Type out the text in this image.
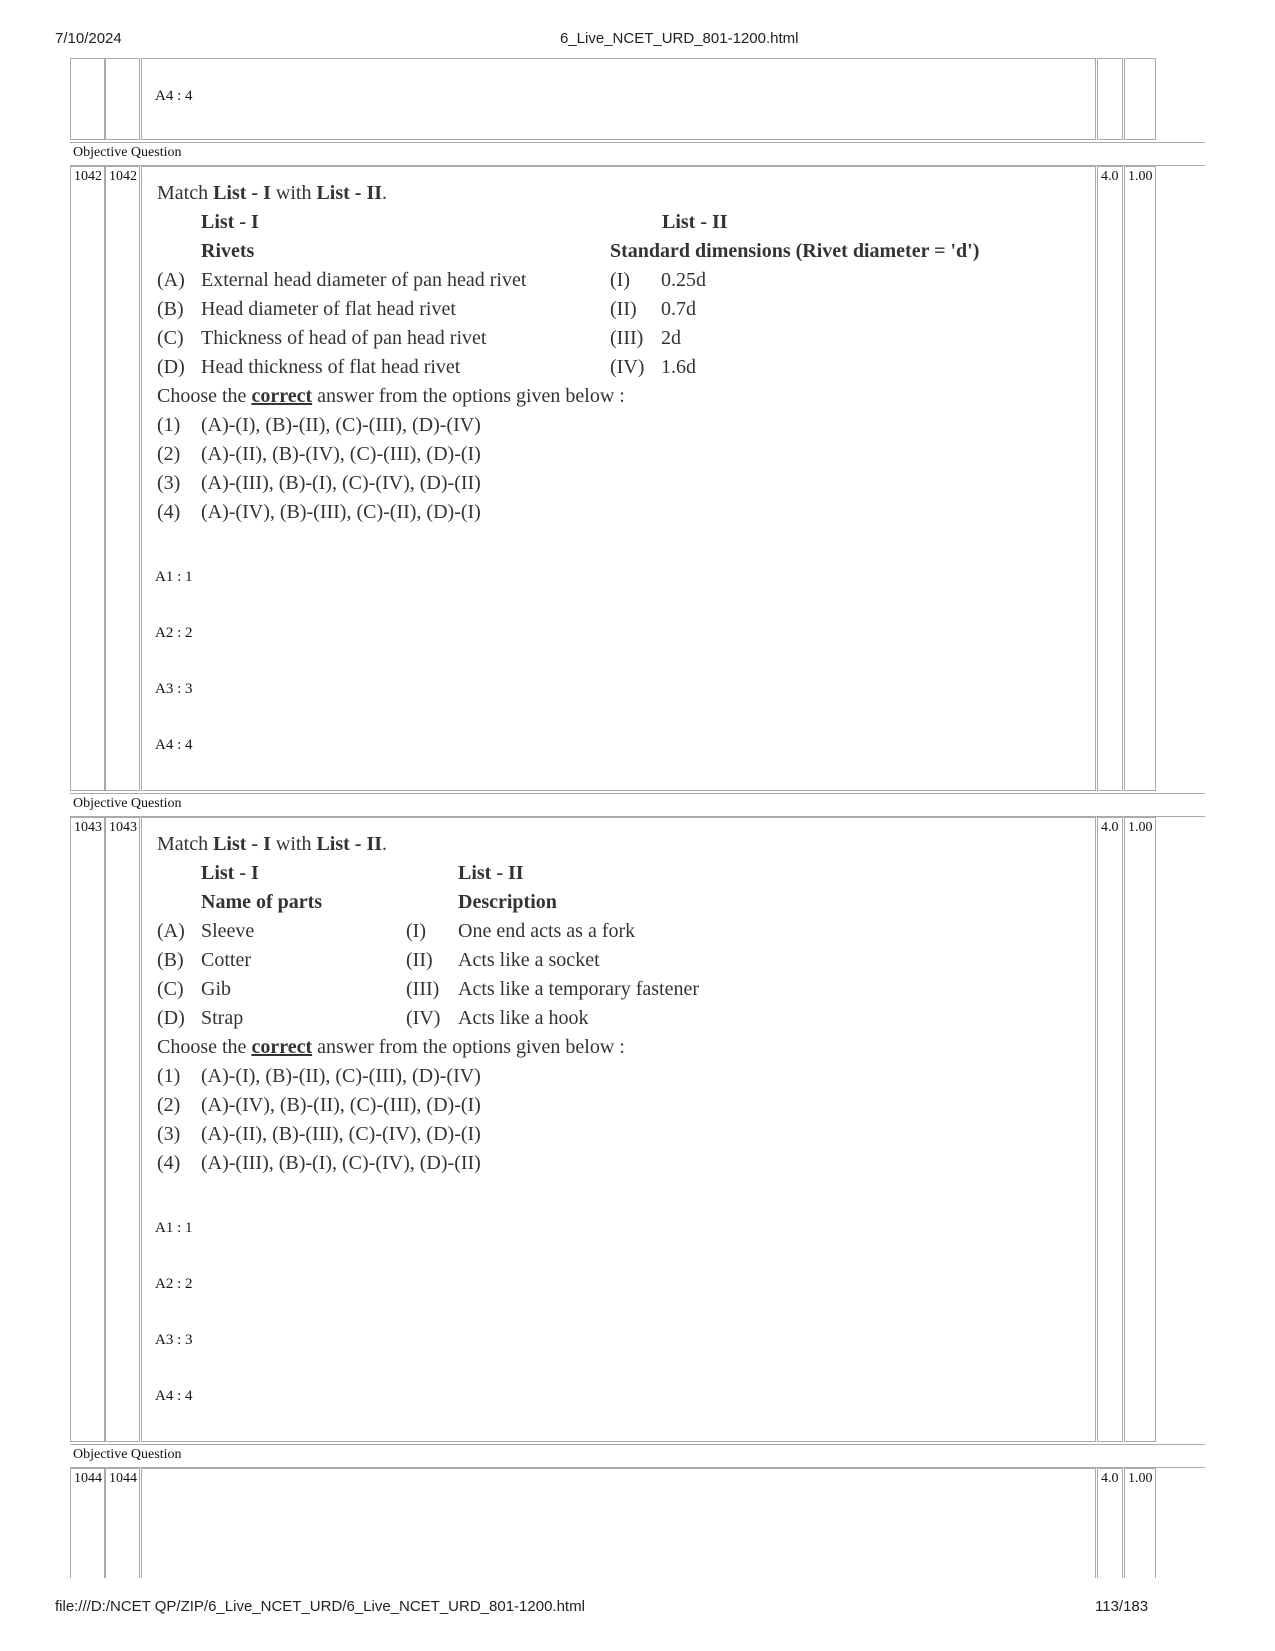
7/10/2024	6_Live_NCET_URD_801-1200.html
A4 : 4
Objective Question
1042 1042	4.0 1.00
Match List - I with List - II.
List - I	List - II
Rivets	Standard dimensions (Rivet diameter = 'd')
(A) External head diameter of pan head rivet	(I) 0.25d
(B) Head diameter of flat head rivet	(II) 0.7d
(C) Thickness of head of pan head rivet	(III) 2d
(D) Head thickness of flat head rivet	(IV) 1.6d
Choose the correct answer from the options given below :
(1) (A)-(I), (B)-(II), (C)-(III), (D)-(IV)
(2) (A)-(II), (B)-(IV), (C)-(III), (D)-(I)
(3) (A)-(III), (B)-(I), (C)-(IV), (D)-(II)
(4) (A)-(IV), (B)-(III), (C)-(II), (D)-(I)
A1 : 1
A2 : 2
A3 : 3
A4 : 4
Objective Question
1043 1043	4.0 1.00
Match List - I with List - II.
List - I	List - II
Name of parts	Description
(A) Sleeve	(I) One end acts as a fork
(B) Cotter	(II) Acts like a socket
(C) Gib	(III) Acts like a temporary fastener
(D) Strap	(IV) Acts like a hook
Choose the correct answer from the options given below :
(1) (A)-(I), (B)-(II), (C)-(III), (D)-(IV)
(2) (A)-(IV), (B)-(II), (C)-(III), (D)-(I)
(3) (A)-(II), (B)-(III), (C)-(IV), (D)-(I)
(4) (A)-(III), (B)-(I), (C)-(IV), (D)-(II)
A1 : 1
A2 : 2
A3 : 3
A4 : 4
Objective Question
1044 1044	4.0 1.00
file:///D:/NCET QP/ZIP/6_Live_NCET_URD/6_Live_NCET_URD_801-1200.html	113/183
